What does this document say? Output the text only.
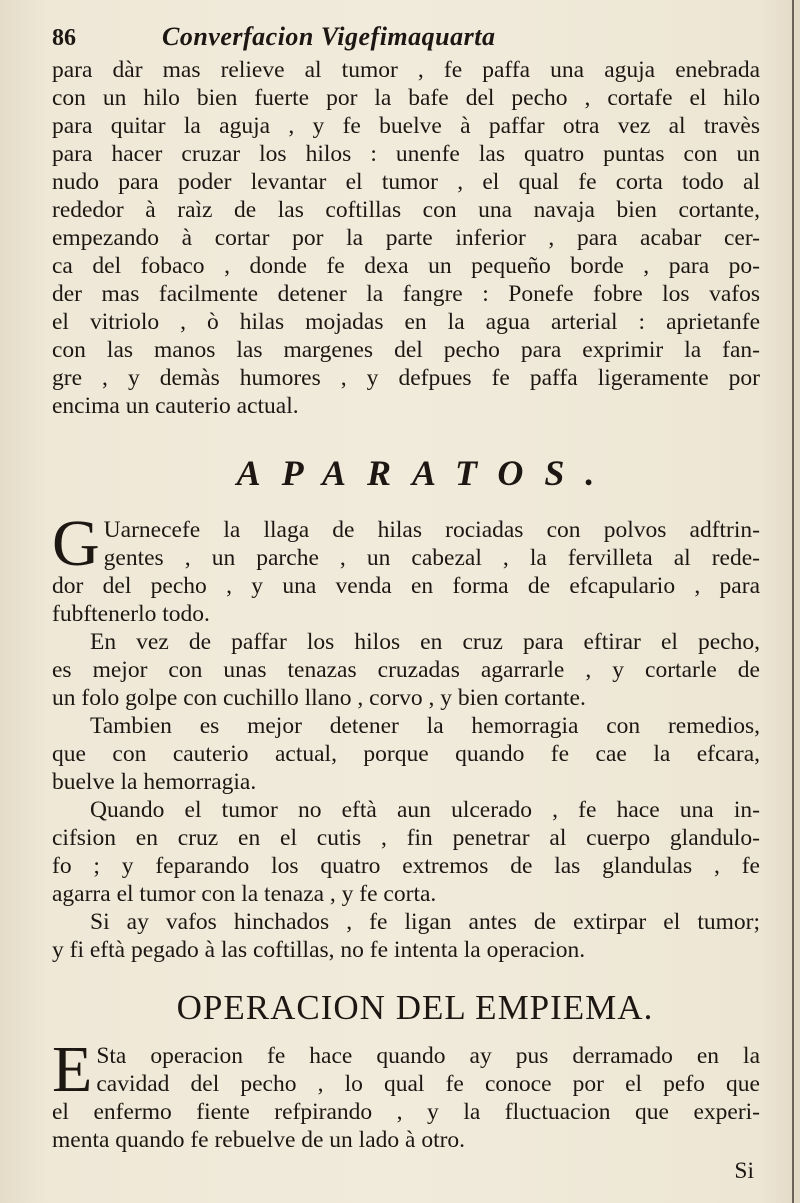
86	Converfacion Vigefimaquarta

para dàr mas relieve al tumor , fe paffa una aguja enebrada

con un hilo bien fuerte por la bafe del pecho , cortafe el hilo

para quitar la aguja , y fe buelve à paffar otra vez al travès

para hacer cruzar los hilos : unenfe las quatro puntas con un

nudo para poder levantar el tumor , el qual fe corta todo al

rededor à raìz de las coftillas con una navaja bien cortante,

empezando à cortar por la parte inferior , para acabar cer-

ca del fobaco , donde fe dexa un pequeño borde , para po-

der mas facilmente detener la fangre : Ponefe fobre los vafos

el vitriolo , ò hilas mojadas en la agua arterial : aprietanfe

con las manos las margenes del pecho para exprimir la fan-

gre , y demàs humores , y defpues fe paffa ligeramente por

encima un cauterio actual.

APARATOS.
G Uarnecefe la llaga de hilas rociadas con polvos adftrin-

gentes , un parche , un cabezal , la fervilleta al rede-

dor del pecho , y una venda en forma de efcapulario , para

fubftenerlo todo.

En vez de paffar los hilos en cruz para eftirar el pecho,

es mejor con unas tenazas cruzadas agarrarle , y cortarle de

un folo golpe con cuchillo llano , corvo , y bien cortante.

Tambien es mejor detener la hemorragia con remedios,

que con cauterio actual, porque quando fe cae la efcara,

buelve la hemorragia.

Quando el tumor no eftà aun ulcerado , fe hace una in-

cifsion en cruz en el cutis , fin penetrar al cuerpo glandulo-

fo ; y feparando los quatro extremos de las glandulas , fe

agarra el tumor con la tenaza , y fe corta.

Si ay vafos hinchados , fe ligan antes de extirpar el tumor;

y fi eftà pegado à las coftillas, no fe intenta la operacion.

OPERACION DEL EMPIEMA.
E Sta operacion fe hace quando ay pus derramado en la

cavidad del pecho , lo qual fe conoce por el pefo que

el enfermo fiente refpirando , y la fluctuacion que experi-

menta quando fe rebuelve de un lado à otro.

Si
